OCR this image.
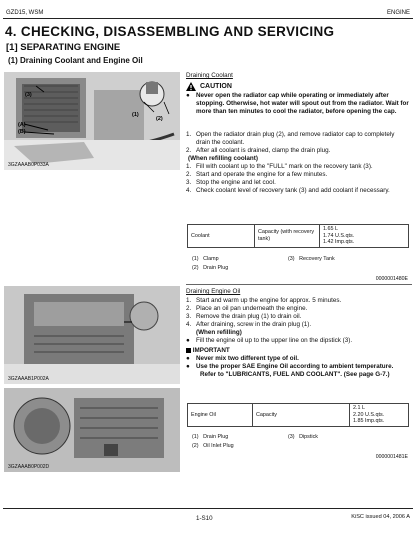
GZD15, WSM	ENGINE
4. CHECKING, DISASSEMBLING AND SERVICING
[1] SEPARATING ENGINE
(1) Draining Coolant and Engine Oil
(3)
(1)
(2)
(A)
(B)
3GZAAAB0P033A
3GZAAAB1P002A
3GZAAAB0P002D
Draining Coolant
CAUTION
● Never open the radiator cap while operating or immediately after stopping. Otherwise, hot water will spout out from the radiator. Wait for more than ten minutes to cool the radiator, before opening the cap.
1. Open the radiator drain plug (2), and remove radiator cap to completely drain the coolant.
2. After all coolant is drained, clamp the drain plug.
(When refilling coolant)
1. Fill with coolant up to the "FULL" mark on the recovery tank (3).
2. Start and operate the engine for a few minutes.
3. Stop the engine and let cool.
4. Check coolant level of recovery tank (3) and add coolant if necessary.
Coolant	Capacity (with recovery tank)	
1.65 L
1.74 U.S.qts.
1.42 Imp.qts.
(1) Clamp	(3) Recovery Tank
(2) Drain Plug
0000001480E
Draining Engine Oil
1. Start and warm up the engine for approx. 5 minutes.
2. Place an oil pan underneath the engine.
3. Remove the drain plug (1) to drain oil.
4. After draining, screw in the drain plug (1).
(When refilling)
● Fill the engine oil up to the upper line on the dipstick (3).
IMPORTANT
● Never mix two different type of oil.
● Use the proper SAE Engine Oil according to ambient temperature.
Refer to "LUBRICANTS, FUEL AND COOLANT". (See page G-7.)
Engine Oil	Capacity	
2.1 L
2.20 U.S.qts.
1.85 Imp.qts.
(1) Drain Plug	(3) Dipstick
(2) Oil Inlet Plug
0000001481E
1-S10	KiSC issued 04, 2006 A
